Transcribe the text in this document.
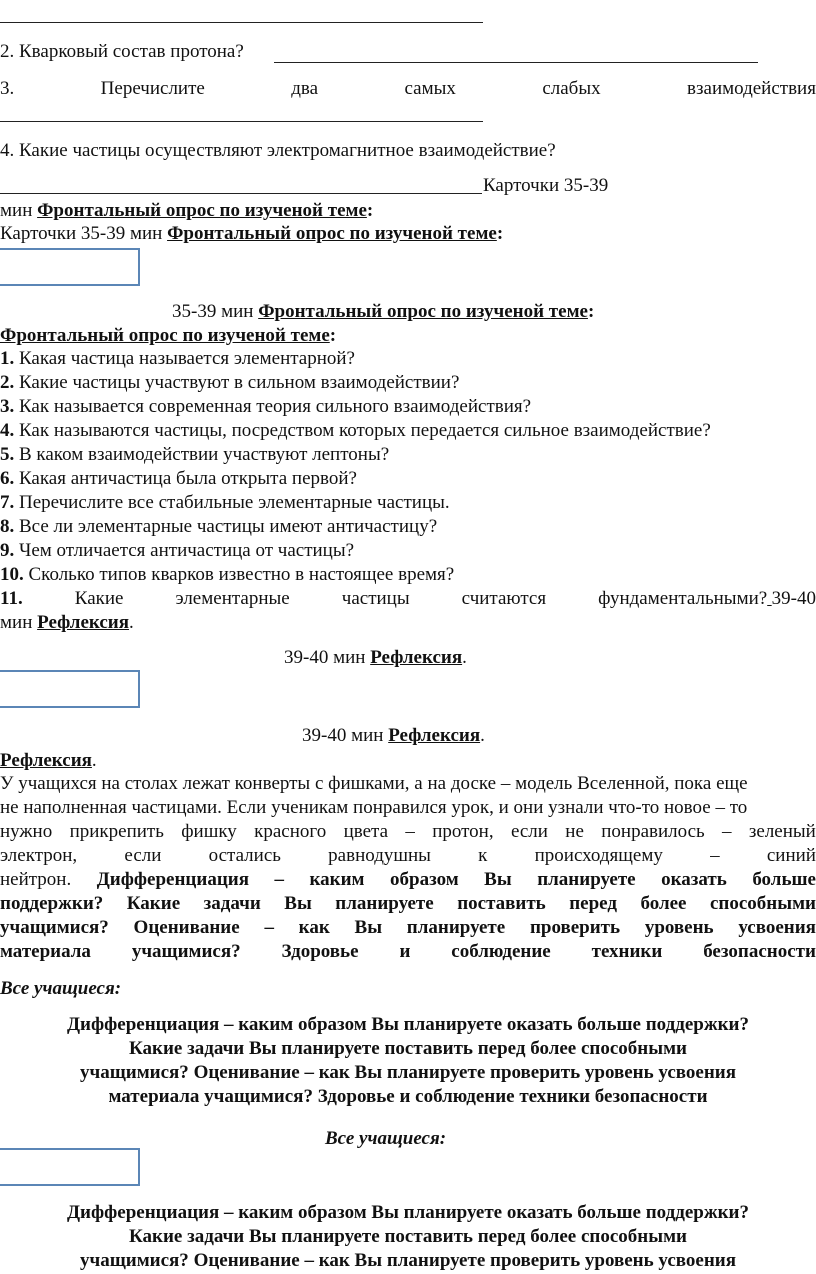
2. Кварковый состав протона?
3.	Перечислите	два	самых	слабых	взаимодействия
4. Какие частицы осуществляют электромагнитное взаимодействие?
Карточки 35-39
мин Фронтальный опрос по изученой теме:
Карточки 35-39 мин Фронтальный опрос по изученой теме:
35-39 мин Фронтальный опрос по изученой теме:
Фронтальный опрос по изученой теме:
1. Какая частица называется элементарной?
2. Какие частицы участвуют в сильном взаимодействии?
3. Как называется современная теория сильного взаимодействия?
4. Как называются частицы, посредством которых передается сильное взаимодействие?
5. В каком взаимодействии участвуют лептоны?
6. Какая античастица была открыта первой?
7. Перечислите все стабильные элементарные частицы.
8. Все ли элементарные частицы имеют античастицу?
9. Чем отличается античастица от частицы?
10. Сколько типов кварков известно в настоящее время?
11.	Какие	элементарные	частицы	считаются	фундаментальными? 39-40
мин Рефлексия.
39-40 мин Рефлексия.
39-40 мин Рефлексия.
Рефлексия.
У учащихся на столах лежат конверты с фишками, а на доске – модель Вселенной, пока еще
не наполненная частицами. Если ученикам понравился урок, и они узнали что-то новое – то
нужно прикрепить фишку красного цвета – протон, если не понравилось – зеленый
электрон, если остались равнодушны к происходящему – синий
нейтрон. Дифференциация – каким образом Вы планируете оказать больше
поддержки? Какие задачи Вы планируете поставить перед более способными
учащимися? Оценивание – как Вы планируете проверить уровень усвоения
материала учащимися? Здоровье и соблюдение техники безопасности
Все учащиеся:
Дифференциация – каким образом Вы планируете оказать больше поддержки?
Какие задачи Вы планируете поставить перед более способными
учащимися? Оценивание – как Вы планируете проверить уровень усвоения
материала учащимися? Здоровье и соблюдение техники безопасности
Все учащиеся:
Дифференциация – каким образом Вы планируете оказать больше поддержки?
Какие задачи Вы планируете поставить перед более способными
учащимися? Оценивание – как Вы планируете проверить уровень усвоения
